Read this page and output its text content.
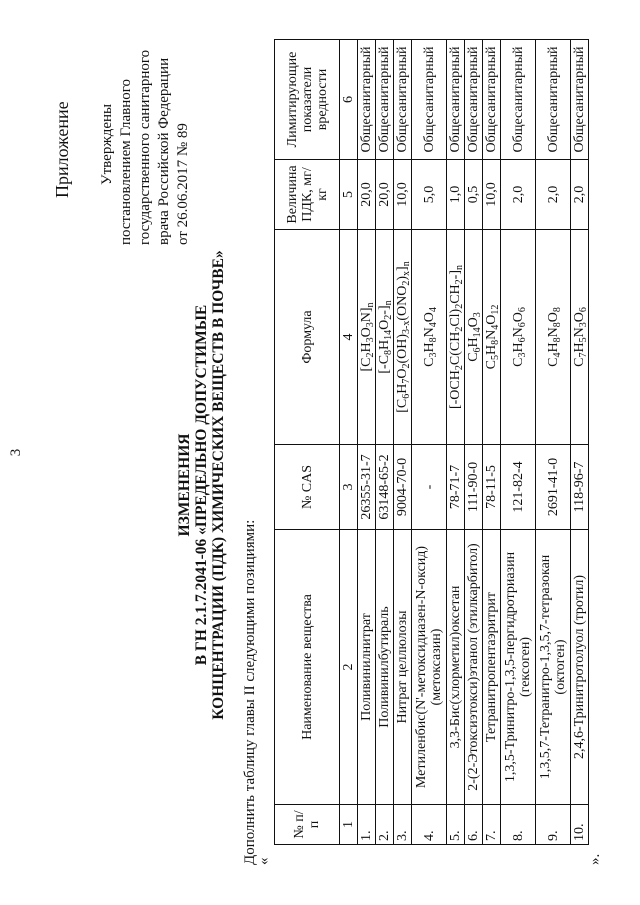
3
Приложение Утверждены постановлением Главного государственного санитарного врача Российской Федерации от 26.06.2017 № 89
ИЗМЕНЕНИЯ В ГН 2.1.7.2041-06 «ПРЕДЕЛЬНО ДОПУСТИМЫЕ КОНЦЕНТРАЦИИ (ПДК) ХИМИЧЕСКИХ ВЕЩЕСТВ В ПОЧВЕ» Дополнить таблицу главы II следующими позициями:
«
№ п/п	Наименование вещества	№ CAS	Формула	Величина ПДК, мг/кг	Лимитирующие показатели вредности
1	2	3	4	5	6
1.	Поливинилнитрат	26355-31-7	$[C_2H_3O_3N]_n$	20,0	Общесанитарный
2.	Поливинилбутираль	63148-65-2	$[-C_8H_{14}O_2-]_n$	20,0	Общесанитарный
3.	Нитрат целлюлозы	9004-70-0	$[C_6H_7O_2(OH)_{3-x}(ONO_2)_x]_n$	10,0	Общесанитарный
4.	Метиленбис(N'-метоксидиазен-N-оксид) (метоксазин)	-	$C_3H_8N_4O_4$	5,0	Общесанитарный
5.	3,3-Бис(хлорметил)оксетан	78-71-7	$[-OCH_2C(CH_2Cl)_2CH_2-]_n$	1,0	Общесанитарный
6.	2-(2-Этоксиэтокси)этанол (этилкарбитол)	111-90-0	$C_6H_{14}O_3$	0,5	Общесанитарный
7.	Тетранитропентаэритрит	78-11-5	$C_5H_8N_4O_{12}$	10,0	Общесанитарный
8.	1,3,5-Тринитро-1,3,5-пергидротриазин (гексоген)	121-82-4	$C_3H_6N_6O_6$	2,0	Общесанитарный
9.	1,3,5,7-Тетранитро-1,3,5,7-тетразокан (октоген)	2691-41-0	$C_4H_8N_8O_8$	2,0	Общесанитарный
10.	2,4,6-Тринитротолуол (тротил)	118-96-7	$C_7H_5N_3O_6$	2,0	Общесанитарный
».
